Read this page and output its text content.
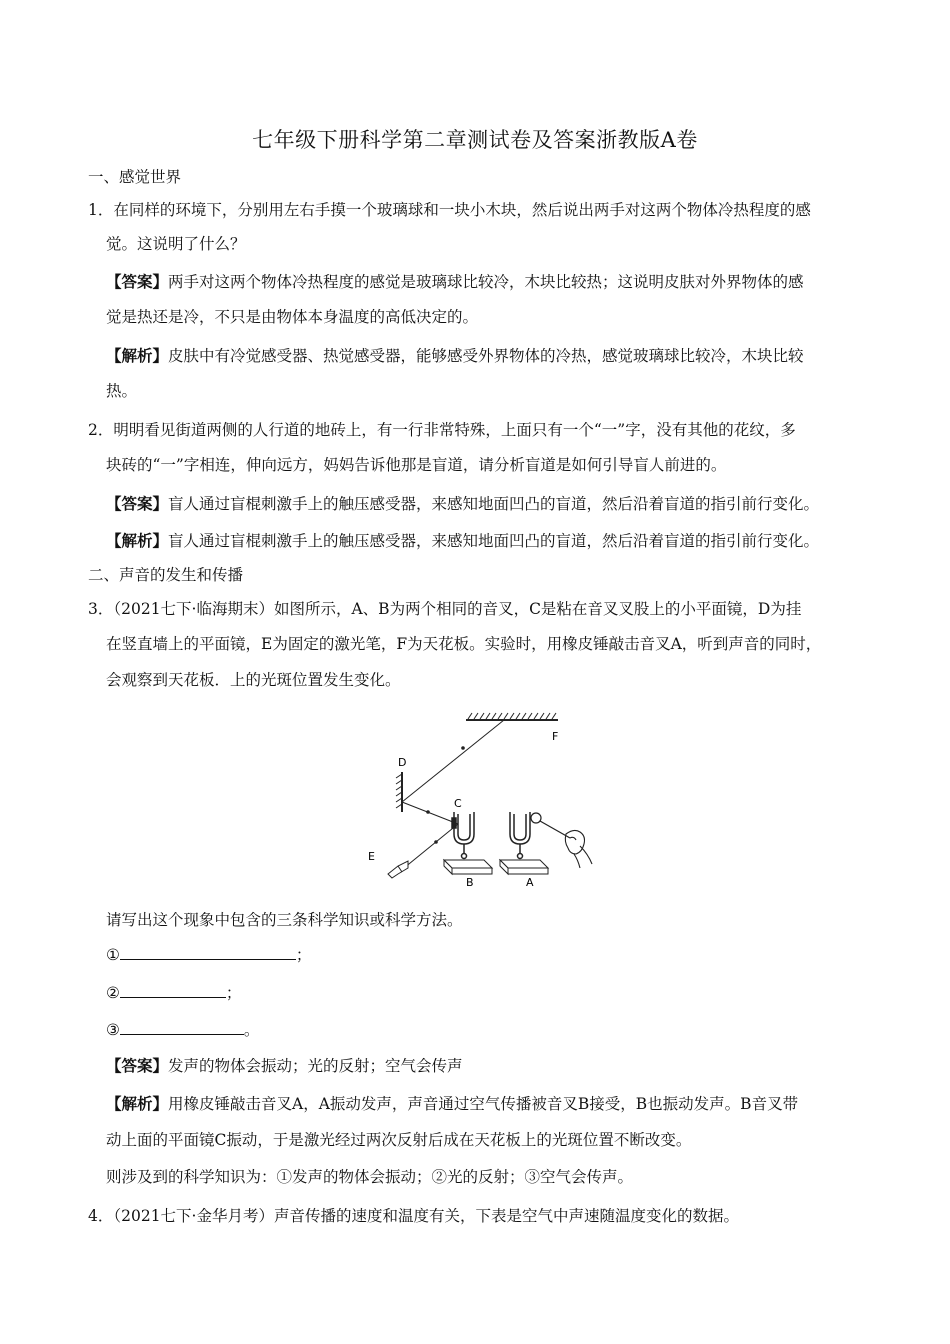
七年级下册科学第二章测试卷及答案浙教版A卷
一、感觉世界
1．在同样的环境下，分别用左右手摸一个玻璃球和一块小木块，然后说出两手对这两个物体冷热程度的感
觉。这说明了什么？
【答案】两手对这两个物体冷热程度的感觉是玻璃球比较冷，木块比较热；这说明皮肤对外界物体的感
觉是热还是冷，不只是由物体本身温度的高低决定的。
【解析】皮肤中有冷觉感受器、热觉感受器，能够感受外界物体的冷热，感觉玻璃球比较冷，木块比较
热。
2．明明看见街道两侧的人行道的地砖上，有一行非常特殊，上面只有一个“一”字，没有其他的花纹，多
块砖的“一”字相连，伸向远方，妈妈告诉他那是盲道，请分析盲道是如何引导盲人前进的。
【答案】盲人通过盲棍刺激手上的触压感受器，来感知地面凹凸的盲道，然后沿着盲道的指引前行变化。
【解析】盲人通过盲棍刺激手上的触压感受器，来感知地面凹凸的盲道，然后沿着盲道的指引前行变化。
二、声音的发生和传播
3．（2021七下·临海期末）如图所示，A、B为两个相同的音叉，C是粘在音叉叉股上的小平面镜，D为挂
在竖直墙上的平面镜，E为固定的激光笔，F为天花板。实验时，用橡皮锤敲击音叉A，听到声音的同时，
会观察到天花板．上的光斑位置发生变化。
F
D
E
C
B	A
请写出这个现象中包含的三条科学知识或科学方法。
①	；
②	；
③	。
【答案】发声的物体会振动；光的反射；空气会传声
【解析】用橡皮锤敲击音叉A，A振动发声，声音通过空气传播被音叉B接受，B也振动发声。B音叉带
动上面的平面镜C振动，于是激光经过两次反射后成在天花板上的光斑位置不断改变。
则涉及到的科学知识为：①发声的物体会振动；②光的反射；③空气会传声。
4．（2021七下·金华月考）声音传播的速度和温度有关，下表是空气中声速随温度变化的数据。
